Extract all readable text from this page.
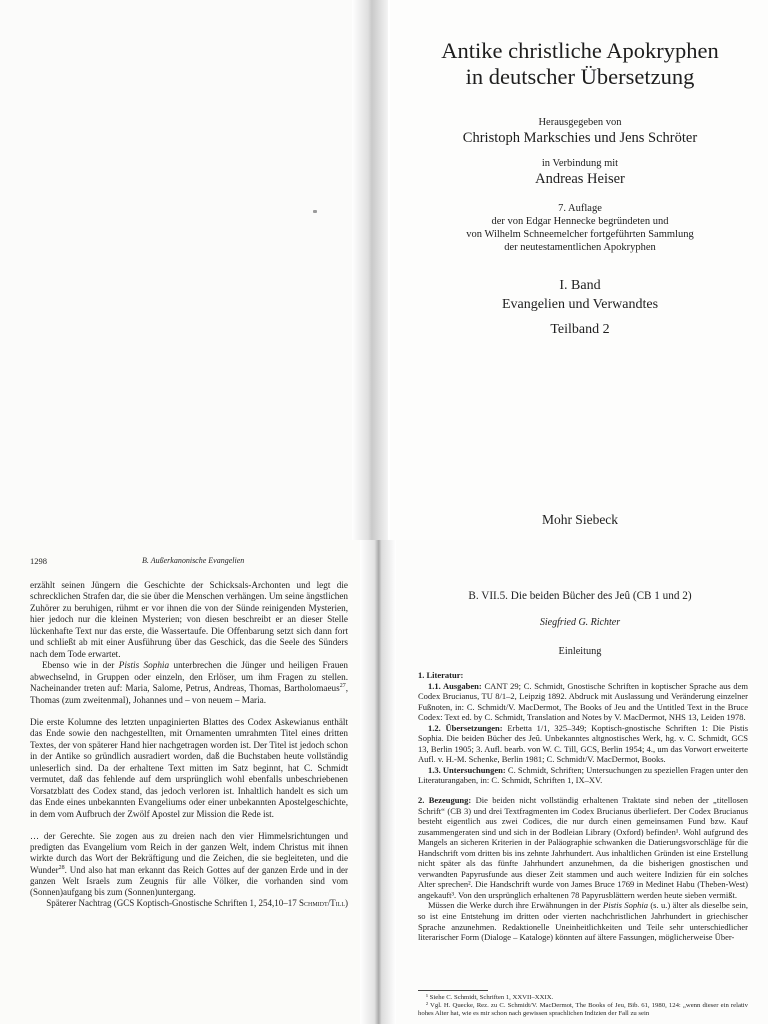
Antike christliche Apokryphen

in deutscher Übersetzung

Herausgegeben von

Christoph Markschies und Jens Schröter

in Verbindung mit

Andreas Heiser

7. Auflage

der von Edgar Hennecke begründeten und

von Wilhelm Schneemelcher fortgeführten Sammlung

der neutestamentlichen Apokryphen

I. Band

Evangelien und Verwandtes

Teilband 2

Mohr Siebeck
1298	B. Außerkanonische Evangelien

erzählt seinen Jüngern die Geschichte der Schicksals-Archonten und legt die schrecklichen Strafen dar, die sie über die Menschen verhängen. Um seine ängstlichen Zuhörer zu beruhigen, rühmt er vor ihnen die von der Sünde reinigenden Mysterien, hier jedoch nur die kleinen Mysterien; von diesen beschreibt er an dieser Stelle lückenhafte Text nur das erste, die Wassertaufe. Die Offenbarung setzt sich dann fort und schließt ab mit einer Ausführung über das Geschick, das die Seele des Sünders nach dem Tode erwartet.

Ebenso wie in der Pistis Sophia unterbrechen die Jünger und heiligen Frauen abwechselnd, in Gruppen oder einzeln, den Erlöser, um ihm Fragen zu stellen. Nacheinander treten auf: Maria, Salome, Petrus, Andreas, Thomas, Bartholomaeus$^{27}$, Thomas (zum zweitenmal), Johannes und – von neuem – Maria.

Die erste Kolumne des letzten unpaginierten Blattes des Codex Askewianus enthält das Ende sowie den nachgestellten, mit Ornamenten umrahmten Titel eines dritten Textes, der von späterer Hand hier nachgetragen worden ist. Der Titel ist jedoch schon in der Antike so gründlich ausradiert worden, daß die Buchstaben heute vollständig unleserlich sind. Da der erhaltene Text mitten im Satz beginnt, hat C. Schmidt vermutet, daß das fehlende auf dem ursprünglich wohl ebenfalls unbeschriebenen Vorsatzblatt des Codex stand, das jedoch verloren ist. Inhaltlich handelt es sich um das Ende eines unbekannten Evangeliums oder einer unbekannten Apostelgeschichte, in dem vom Aufbruch der Zwölf Apostel zur Mission die Rede ist.

… der Gerechte. Sie zogen aus zu dreien nach den vier Himmelsrichtungen und predigten das Evangelium vom Reich in der ganzen Welt, indem Christus mit ihnen wirkte durch das Wort der Bekräftigung und die Zeichen, die sie begleiteten, und die Wunder$^{28}$. Und also hat man erkannt das Reich Gottes auf der ganzen Erde und in der ganzen Welt Israels zum Zeugnis für alle Völker, die vorhanden sind vom (Sonnen)aufgang bis zum (Sonnen)untergang.

Späterer Nachtrag (GCS Koptisch-Gnostische Schriften 1, 254,10–17 Schmidt/Till)

B. VII.5. Die beiden Bücher des Jeû (CB 1 und 2)
Siegfried G. Richter
Einleitung

1. Literatur:

1.1. Ausgaben: CANT 29; C. Schmidt, Gnostische Schriften in koptischer Sprache aus dem Codex Brucianus, TU 8/1–2, Leipzig 1892. Abdruck mit Auslassung und Veränderung einzelner Fußnoten, in: C. Schmidt/V. MacDermot, The Books of Jeu and the Untitled Text in the Bruce Codex: Text ed. by C. Schmidt, Translation and Notes by V. MacDermot, NHS 13, Leiden 1978.

1.2. Übersetzungen: Erbetta 1/1, 325–349; Koptisch-gnostische Schriften 1: Die Pistis Sophia. Die beiden Bücher des Jeû. Unbekanntes altgnostisches Werk, hg. v. C. Schmidt, GCS 13, Berlin 1905; 3. Aufl. bearb. von W. C. Till, GCS, Berlin 1954; 4., um das Vorwort erweiterte Aufl. v. H.-M. Schenke, Berlin 1981; C. Schmidt/V. MacDermot, Books.

1.3. Untersuchungen: C. Schmidt, Schriften; Untersuchungen zu speziellen Fragen unter den Literaturangaben, in: C. Schmidt, Schriften 1, IX–XV.

2. Bezeugung: Die beiden nicht vollständig erhaltenen Traktate sind neben der „titellosen Schrift“ (CB 3) und drei Textfragmenten im Codex Brucianus überliefert. Der Codex Brucianus besteht eigentlich aus zwei Codices, die nur durch einen gemeinsamen Fund bzw. Kauf zusammengeraten sind und sich in der Bodleian Library (Oxford) befinden¹. Wohl aufgrund des Mangels an sicheren Kriterien in der Paläographie schwanken die Datierungsvorschläge für die Handschrift vom dritten bis ins zehnte Jahrhundert. Aus inhaltlichen Gründen ist eine Erstellung nicht später als das fünfte Jahrhundert anzunehmen, da die bisherigen gnostischen und verwandten Papyrusfunde aus dieser Zeit stammen und auch weitere Indizien für ein solches Alter sprechen². Die Handschrift wurde von James Bruce 1769 in Medinet Habu (Theben-West) angekauft³. Von den ursprünglich erhaltenen 78 Papyrusblättern werden heute sieben vermißt.

Müssen die Werke durch ihre Erwähnungen in der Pistis Sophia (s. u.) älter als dieselbe sein, so ist eine Entstehung im dritten oder vierten nachchristlichen Jahrhundert in griechischer Sprache anzunehmen. Redaktionelle Uneinheitlichkeiten und Teile sehr unterschiedlicher literarischer Form (Dialoge – Kataloge) könnten auf ältere Fassungen, möglicherweise Über-

¹ Siehe C. Schmidt, Schriften 1, XXVII–XXIX.

² Vgl. H. Quecke, Rez. zu C. Schmidt/V. MacDermot, The Books of Jeu, Bib. 61, 1980, 124: „wenn dieser ein relativ hohes Alter hat, wie es mir schon nach gewissen sprachlichen Indizien der Fall zu sein
